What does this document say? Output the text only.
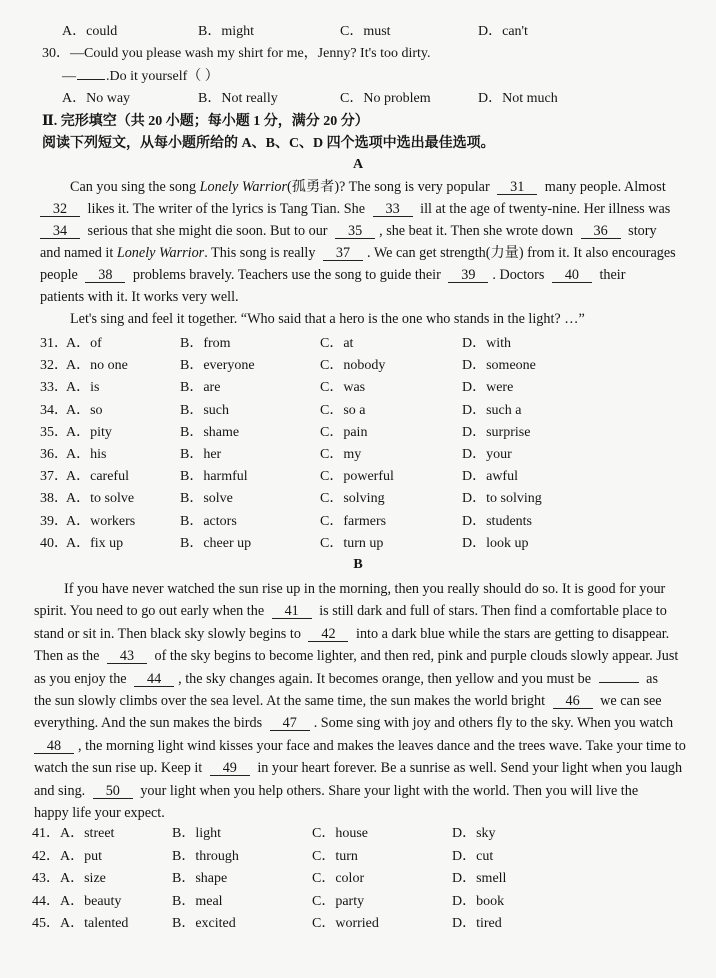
A．could	B．might	C．must	D．can't
30．—Could you please wash my shirt for me，Jenny? It's too dirty.
— .Do it yourself（ ）
A．No way	B．Not really	C．No problem	D．Not much
Ⅱ. 完形填空（共 20 小题；每小题 1 分，满分 20 分）
阅读下列短文，从每小题所给的 A、B、C、D 四个选项中选出最佳选项。
A
Can you sing the song Lonely Warrior(孤勇者)? The song is very popular 31 many people. Almost
32 likes it. The writer of the lyrics is Tang Tian. She 33 ill at the age of twenty-nine. Her illness was
34 serious that she might die soon. But to our 35 , she beat it. Then she wrote down 36 story
and named it Lonely Warrior. This song is really 37 . We can get strength(力量) from it. It also encourages
people 38 problems bravely. Teachers use the song to guide their 39 . Doctors 40 their
patients with it. It works very well.
Let's sing and feel it together. “Who said that a hero is the one who stands in the light? …”
31．
A．of	B．from	C．at	D．with
32．
A．no one	B．everyone	C．nobody	D．someone
33．
A．is	B．are	C．was	D．were
34．
A．so	B．such	C．so a	D．such a
35．
A．pity	B．shame	C．pain	D．surprise
36．
A．his	B．her	C．my	D．your
37．
A．careful	B．harmful	C．powerful	D．awful
38．
A．to solve	B．solve	C．solving	D．to solving
39．
A．workers	B．actors	C．farmers	D．students
40．
A．fix up	B．cheer up	C．turn up	D．look up
B
If you have never watched the sun rise up in the morning, then you really should do so. It is good for your
spirit. You need to go out early when the 41 is still dark and full of stars. Then find a comfortable place to
stand or sit in. Then black sky slowly begins to 42 into a dark blue while the stars are getting to disappear.
Then as the 43 of the sky begins to become lighter, and then red, pink and purple clouds slowly appear. Just
as you enjoy the 44 , the sky changes again. It becomes orange, then yellow and you must be	as
the sun slowly climbs over the sea level. At the same time, the sun makes the world bright 46 we can see
everything. And the sun makes the birds 47 . Some sing with joy and others fly to the sky. When you watch
48 , the morning light wind kisses your face and makes the leaves dance and the trees wave. Take your time to
watch the sun rise up. Keep it 49 in your heart forever. Be a sunrise as well. Send your light when you laugh
and sing. 50 your light when you help others. Share your light with the world. Then you will live the
happy life your expect.
41． A．street	B．light	C．house	D．sky
42． A．put	B．through	C．turn	D．cut
43． A．size	B．shape	C．color	D．smell
44． A．beauty	B．meal	C．party	D．book
45． A．talented	B．excited	C．worried	D．tired
